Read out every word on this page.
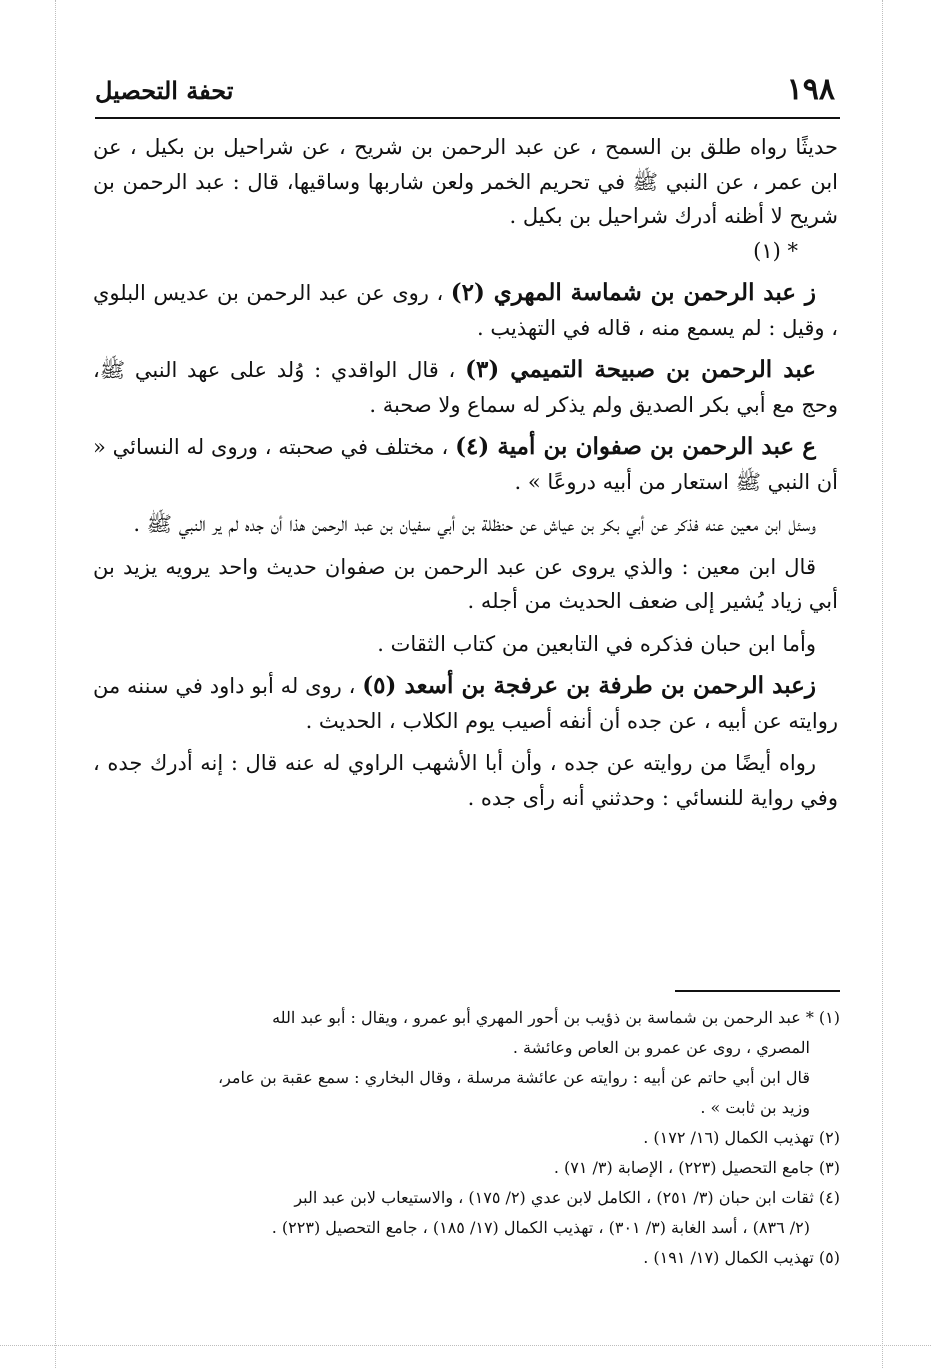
١٩٨
تحفة التحصيل

حديثًا رواه طلق بن السمح ، عن عبد الرحمن بن شريح ، عن شراحيل بن بكيل ، عن ابن عمر ، عن النبي ﷺ في تحريم الخمر ولعن شاربها وساقيها، قال : عبد الرحمن بن شريح لا أظنه أدرك شراحيل بن بكيل .
* (١)

ز عبد الرحمن بن شماسة المهري (٢) ، روى عن عبد الرحمن بن عديس البلوي ، وقيل : لم يسمع منه ، قاله في التهذيب .

عبد الرحمن بن صبيحة التميمي (٣) ، قال الواقدي : وُلد على عهد النبي ﷺ، وحج مع أبي بكر الصديق ولم يذكر له سماع ولا صحبة .

ع عبد الرحمن بن صفوان بن أمية (٤) ، مختلف في صحبته ، وروى له النسائي « أن النبي ﷺ استعار من أبيه دروعًا » .

وسئل ابن معين عنه فذكر عن أبي بكر بن عياش عن حنظلة بن أبي سفيان بن عبد الرحمن هذا أن جده لم ير النبي ﷺ .

قال ابن معين : والذي يروى عن عبد الرحمن بن صفوان حديث واحد يرويه يزيد بن أبي زياد يُشير إلى ضعف الحديث من أجله .

وأما ابن حبان فذكره في التابعين من كتاب الثقات .

زعبد الرحمن بن طرفة بن عرفجة بن أسعد (٥) ، روى له أبو داود في سننه من روايته عن أبيه ، عن جده أن أنفه أصيب يوم الكلاب ، الحديث .

رواه أيضًا من روايته عن جده ، وأن أبا الأشهب الراوي له عنه قال : إنه أدرك جده ، وفي رواية للنسائي : وحدثني أنه رأى جده .

(١) * عبد الرحمن بن شماسة بن ذؤيب بن أحور المهري أبو عمرو ، ويقال : أبو عبد الله
المصري ، روى عن عمرو بن العاص وعائشة .
قال ابن أبي حاتم عن أبيه : روايته عن عائشة مرسلة ، وقال البخاري : سمع عقبة بن عامر،
وزيد بن ثابت » .
(٢) تهذيب الكمال (١٦/ ١٧٢) .
(٣) جامع التحصيل (٢٢٣) ، الإصابة (٣/ ٧١) .
(٤) ثقات ابن حبان (٣/ ٢٥١) ، الكامل لابن عدي (٢/ ١٧٥) ، والاستيعاب لابن عبد البر
(٢/ ٨٣٦) ، أسد الغابة (٣/ ٣٠١) ، تهذيب الكمال (١٧/ ١٨٥) ، جامع التحصيل (٢٢٣) .
(٥) تهذيب الكمال (١٧/ ١٩١) .
